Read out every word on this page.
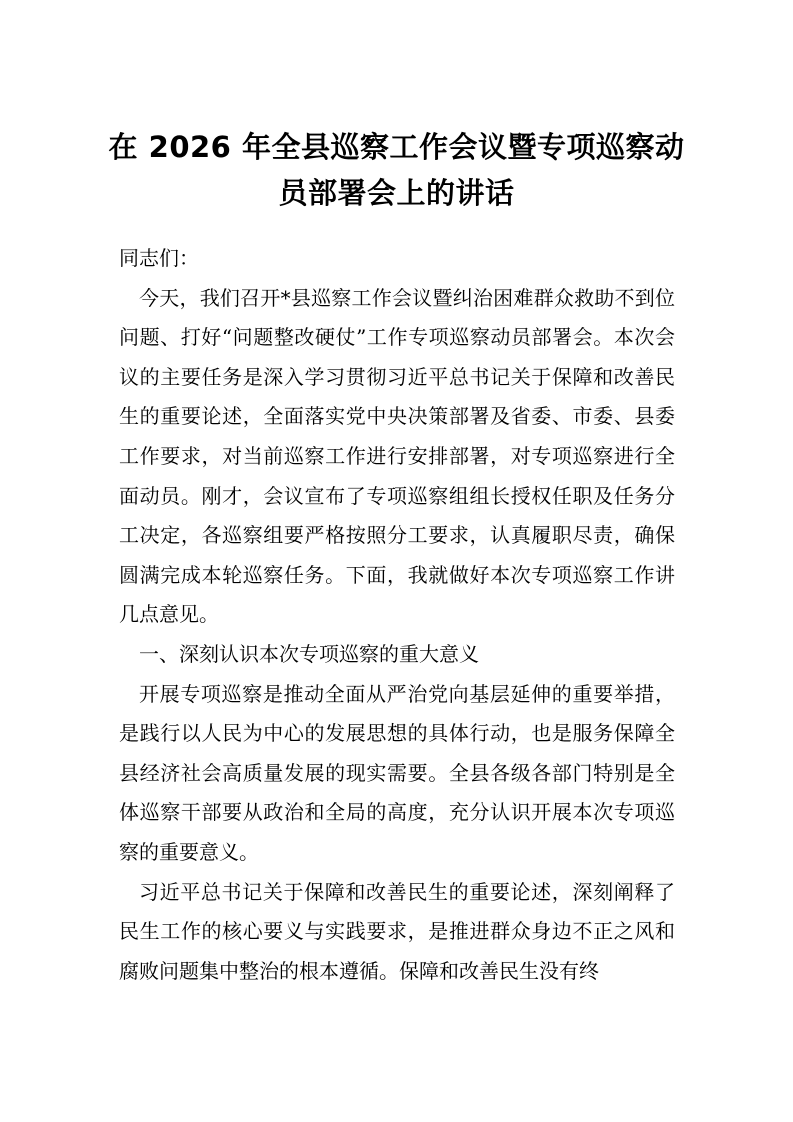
在 2026 年全县巡察工作会议暨专项巡察动
员部署会上的讲话

同志们：

今天，我们召开*县巡察工作会议暨纠治困难群众救助不到位问题、打好“问题整改硬仗”工作专项巡察动员部署会。本次会议的主要任务是深入学习贯彻习近平总书记关于保障和改善民生的重要论述，全面落实党中央决策部署及省委、市委、县委工作要求，对当前巡察工作进行安排部署，对专项巡察进行全面动员。刚才，会议宣布了专项巡察组组长授权任职及任务分工决定，各巡察组要严格按照分工要求，认真履职尽责，确保圆满完成本轮巡察任务。下面，我就做好本次专项巡察工作讲几点意见。

一、深刻认识本次专项巡察的重大意义

开展专项巡察是推动全面从严治党向基层延伸的重要举措，是践行以人民为中心的发展思想的具体行动，也是服务保障全县经济社会高质量发展的现实需要。全县各级各部门特别是全体巡察干部要从政治和全局的高度，充分认识开展本次专项巡察的重要意义。

习近平总书记关于保障和改善民生的重要论述，深刻阐释了民生工作的核心要义与实践要求，是推进群众身边不正之风和腐败问题集中整治的根本遵循。保障和改善民生没有终
